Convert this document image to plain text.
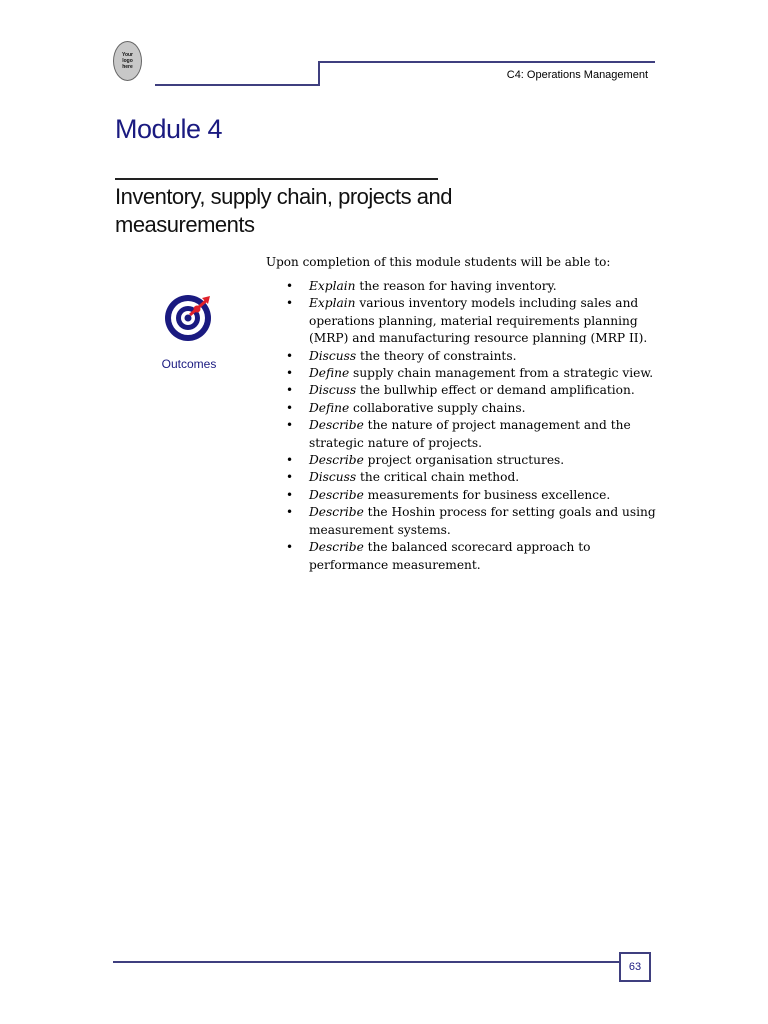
Your
logo
here
C4: Operations Management
Module 4
Inventory, supply chain, projects and measurements
Outcomes
Upon completion of this module students will be able to:
• Explain the reason for having inventory.
• Explain various inventory models including sales and operations planning, material requirements planning (MRP) and manufacturing resource planning (MRP II).
• Discuss the theory of constraints.
• Define supply chain management from a strategic view.
• Discuss the bullwhip effect or demand amplification.
• Define collaborative supply chains.
• Describe the nature of project management and the strategic nature of projects.
• Describe project organisation structures.
• Discuss the critical chain method.
• Describe measurements for business excellence.
• Describe the Hoshin process for setting goals and using measurement systems.
• Describe the balanced scorecard approach to performance measurement.
63
